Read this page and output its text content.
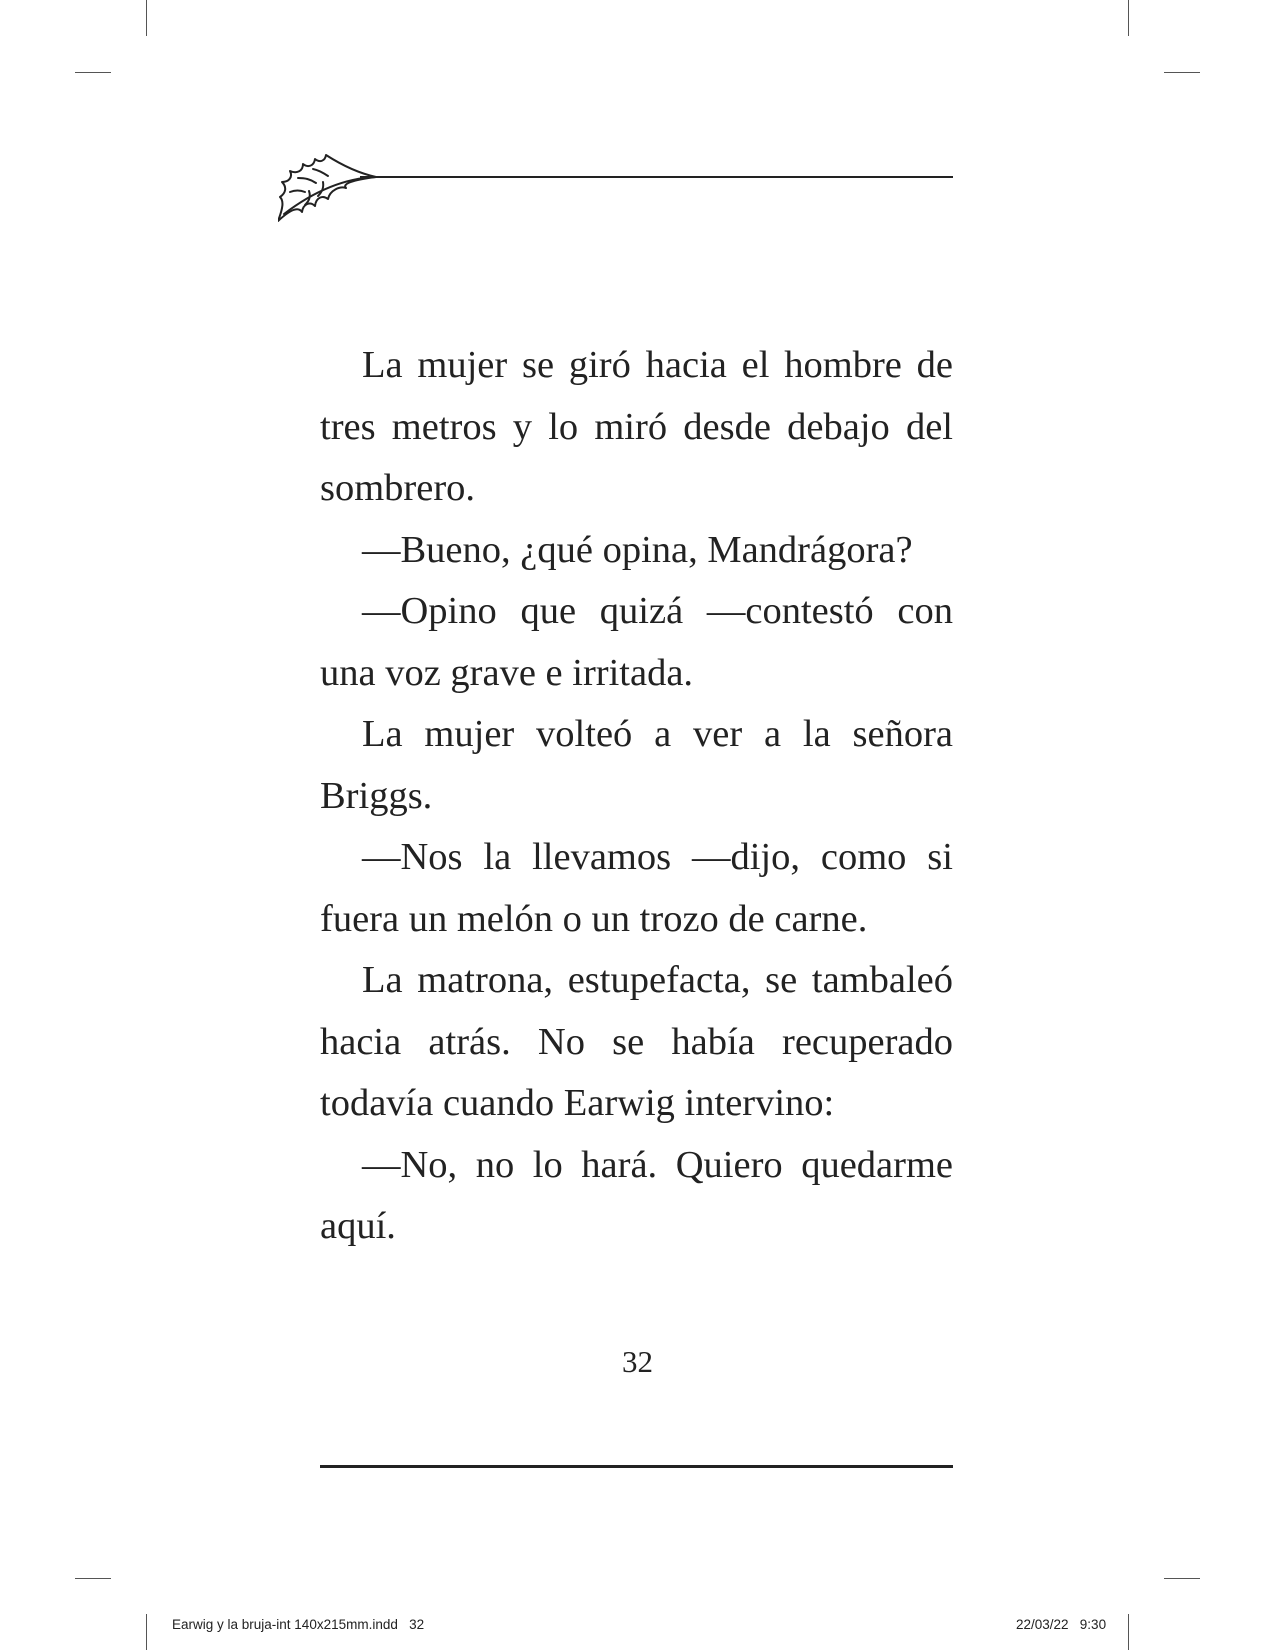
La mujer se giró hacia el hombre de tres metros y lo miró desde debajo del sombrero.

—Bueno, ¿qué opina, Mandrágora?

—Opino que quizá —contestó con una voz grave e irritada.

La mujer volteó a ver a la señora Briggs.

—Nos la llevamos —dijo, como si fuera un melón o un trozo de carne.

La matrona, estupefacta, se tambaleó hacia atrás. No se había recuperado todavía cuando Earwig intervino:

—No, no lo hará. Quiero quedarme aquí.

32
Earwig y la bruja-int 140x215mm.indd   32	22/03/22   9:30
